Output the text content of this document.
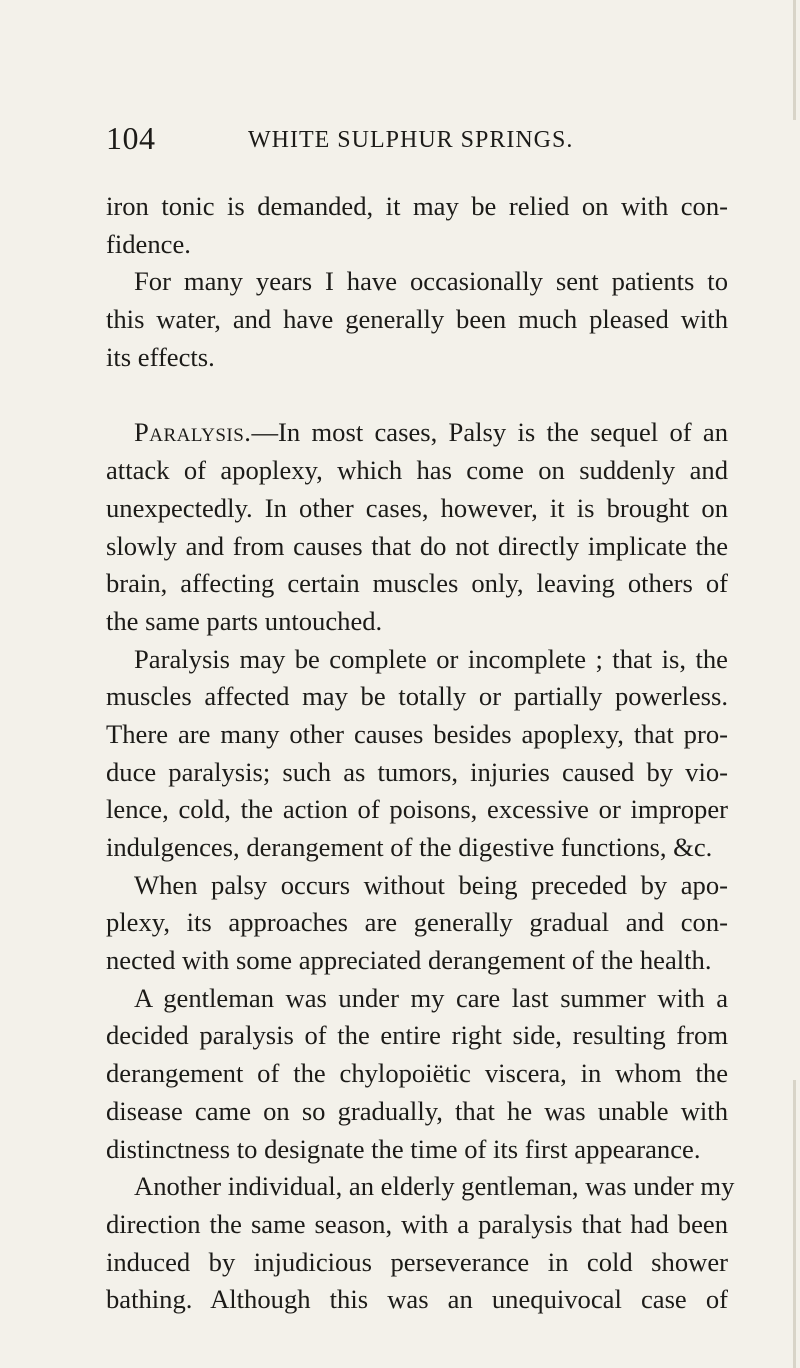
104	WHITE SULPHUR SPRINGS.
iron tonic is demanded, it may be relied on with con-
fidence.
For many years I have occasionally sent patients to
this water, and have generally been much pleased with
its effects.
Paralysis.—In most cases, Palsy is the sequel of an
attack of apoplexy, which has come on suddenly and
unexpectedly. In other cases, however, it is brought on
slowly and from causes that do not directly implicate the
brain, affecting certain muscles only, leaving others of
the same parts untouched.
Paralysis may be complete or incomplete ; that is, the
muscles affected may be totally or partially powerless.
There are many other causes besides apoplexy, that pro-
duce paralysis; such as tumors, injuries caused by vio-
lence, cold, the action of poisons, excessive or improper
indulgences, derangement of the digestive functions, &c.
When palsy occurs without being preceded by apo-
plexy, its approaches are generally gradual and con-
nected with some appreciated derangement of the health.
A gentleman was under my care last summer with a
decided paralysis of the entire right side, resulting from
derangement of the chylopoiëtic viscera, in whom the
disease came on so gradually, that he was unable with
distinctness to designate the time of its first appearance.
Another individual, an elderly gentleman, was under my
direction the same season, with a paralysis that had been
induced by injudicious perseverance in cold shower
bathing. Although this was an unequivocal case of
